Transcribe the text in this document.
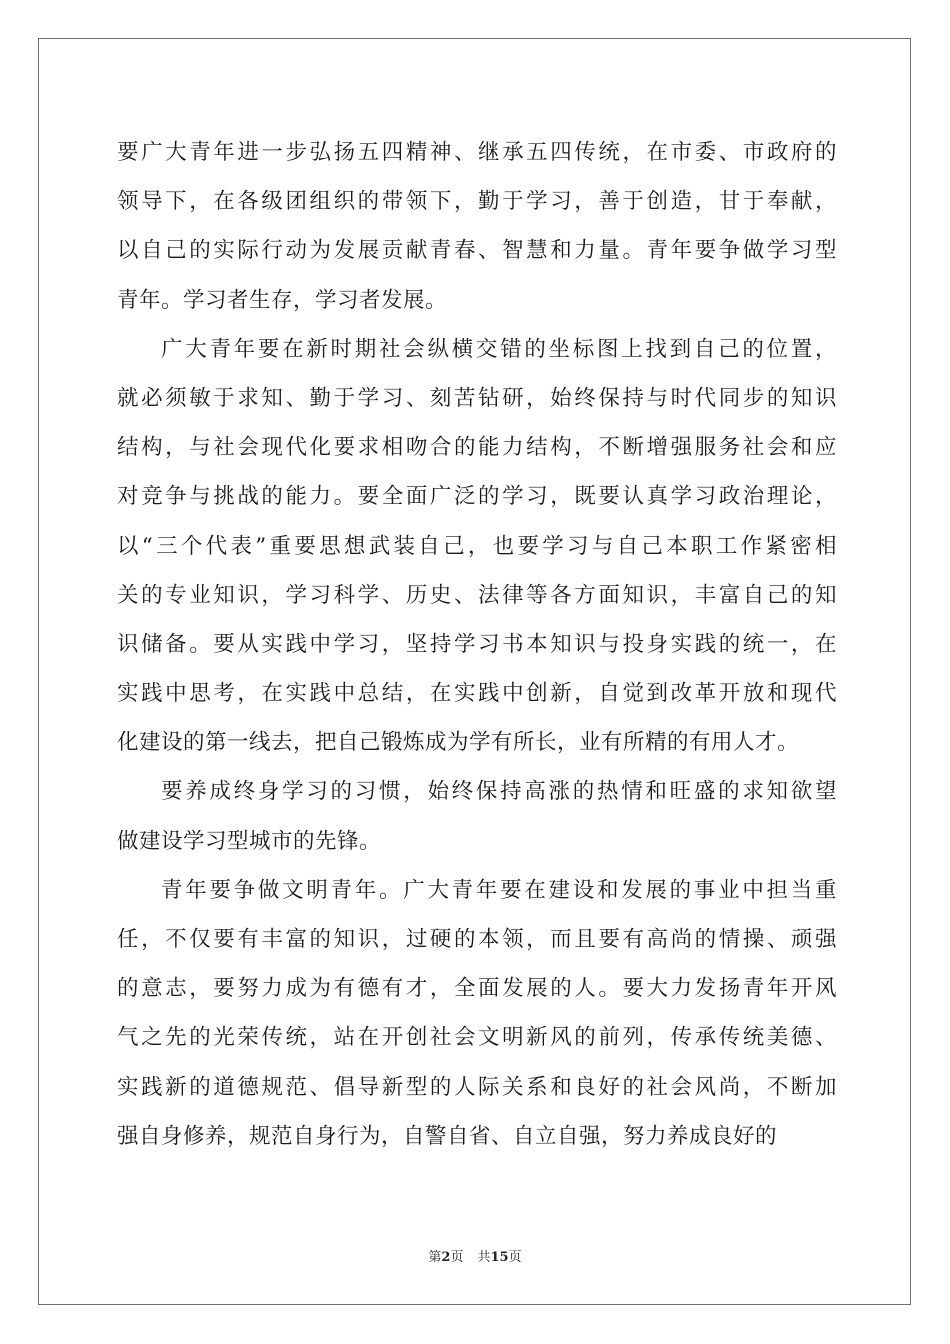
要广大青年进一步弘扬五四精神、继承五四传统，在市委、市政府的
领导下，在各级团组织的带领下，勤于学习，善于创造，甘于奉献，
以自己的实际行动为发展贡献青春、智慧和力量。青年要争做学习型
青年。学习者生存，学习者发展。
广大青年要在新时期社会纵横交错的坐标图上找到自己的位置，
就必须敏于求知、勤于学习、刻苦钻研，始终保持与时代同步的知识
结构，与社会现代化要求相吻合的能力结构，不断增强服务社会和应
对竞争与挑战的能力。要全面广泛的学习，既要认真学习政治理论，
以“三个代表”重要思想武装自己，也要学习与自己本职工作紧密相
关的专业知识，学习科学、历史、法律等各方面知识，丰富自己的知
识储备。要从实践中学习，坚持学习书本知识与投身实践的统一，在
实践中思考，在实践中总结，在实践中创新，自觉到改革开放和现代
化建设的第一线去，把自己锻炼成为学有所长，业有所精的有用人才。
要养成终身学习的习惯，始终保持高涨的热情和旺盛的求知欲望
做建设学习型城市的先锋。
青年要争做文明青年。广大青年要在建设和发展的事业中担当重
任，不仅要有丰富的知识，过硬的本领，而且要有高尚的情操、顽强
的意志，要努力成为有德有才，全面发展的人。要大力发扬青年开风
气之先的光荣传统，站在开创社会文明新风的前列，传承传统美德、
实践新的道德规范、倡导新型的人际关系和良好的社会风尚，不断加
强自身修养，规范自身行为，自警自省、自立自强，努力养成良好的
第2页 共15页
